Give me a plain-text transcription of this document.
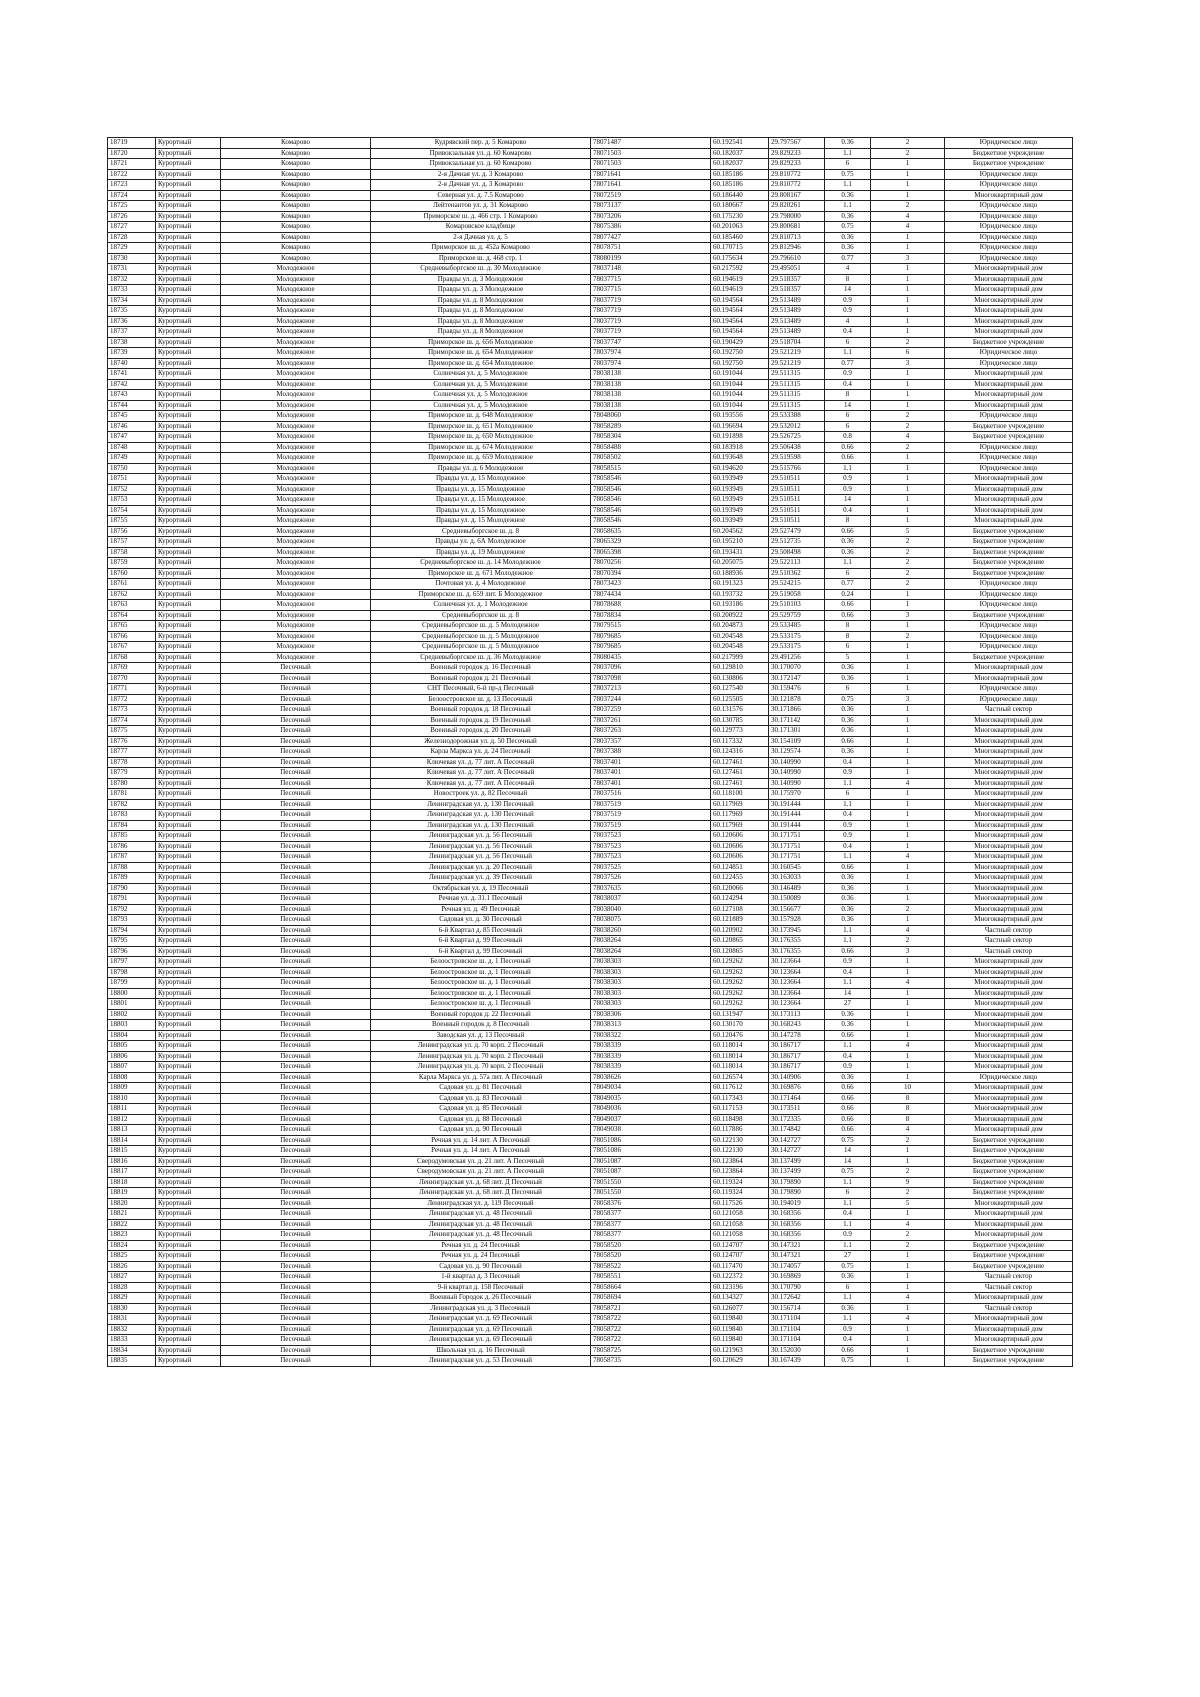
18719	Курортный	Комарово	Кудрявский пер. д. 5 Комарово	78071487	60.192541	29.797567	0.36	2	Юридическое лицо
18720	Курортный	Комарово	Привокзальная ул. д. 60 Комарово	78071503	60.182037	29.829233	1.1	2	Бюджетное учреждение
18721	Курортный	Комарово	Привокзальная ул. д. 60 Комарово	78071503	60.182037	29.829233	6	1	Бюджетное учреждение
18722	Курортный	Комарово	2-я Дачная ул. д. 3 Комарово	78071641	60.185186	29.810772	0.75	1	Юридическое лицо
18723	Курортный	Комарово	2-я Дачная ул. д. 3 Комарово	78071641	60.185186	29.810772	1.1	1	Юридическое лицо
18724	Курортный	Комарово	Северная ул. д. 7.5 Комарово	78072519	60.186440	29.808167	0.36	1	Многоквартирный дом
18725	Курортный	Комарово	Лейтенантов ул. д. 31 Комарово	78073137	60.180667	29.820261	1.1	2	Юридическое лицо
18726	Курортный	Комарово	Приморское ш. д. 466 стр. 1 Комарово	78073206	60.175230	29.798000	0.36	4	Юридическое лицо
18727	Курортный	Комарово	Комаровское кладбище	78075386	60.201063	29.800681	0.75	4	Юридическое лицо
18728	Курортный	Комарово	2-я Дачная ул. д. 5	78077427	60.185460	29.810713	0.36	1	Юридическое лицо
18729	Курортный	Комарово	Приморское ш. д. 452а Комарово	78078751	60.170715	29.812946	0.36	1	Юридическое лицо
18730	Курортный	Комарово	Приморское ш. д. 468 стр. 1	78080199	60.175634	29.796610	0.77	3	Юридическое лицо
18731	Курортный	Молодежное	Средневыборгское ш. д. 30 Молодежное	78037148	60.217592	29.495051	4	1	Многоквартирный дом
18732	Курортный	Молодежное	Правды ул. д. 3 Молодежное	78037715	60.194619	29.518357	8	1	Многоквартирный дом
18733	Курортный	Молодежное	Правды ул. д. 3 Молодежное	78037715	60.194619	29.518357	14	1	Многоквартирный дом
18734	Курортный	Молодежное	Правды ул. д. 8 Молодежное	78037719	60.194564	29.513489	0.9	1	Многоквартирный дом
18735	Курортный	Молодежное	Правды ул. д. 8 Молодежное	78037719	60.194564	29.513489	0.9	1	Многоквартирный дом
18736	Курортный	Молодежное	Правды ул. д. 8 Молодежное	78037719	60.194564	29.513489	4	1	Многоквартирный дом
18737	Курортный	Молодежное	Правды ул. д. 8 Молодежное	78037719	60.194564	29.513489	0.4	1	Многоквартирный дом
18738	Курортный	Молодежное	Приморское ш. д. 656 Молодежное	78037747	60.190429	29.518704	6	2	Бюджетное учреждение
18739	Курортный	Молодежное	Приморское ш. д. 654 Молодежное	78037974	60.192750	29.521219	1.1	6	Юридическое лицо
18740	Курортный	Молодежное	Приморское ш. д. 654 Молодежное	78037974	60.192750	29.521219	0.77	3	Юридическое лицо
18741	Курортный	Молодежное	Солнечная ул. д. 5 Молодежное	78038138	60.191044	29.511315	0.9	1	Многоквартирный дом
18742	Курортный	Молодежное	Солнечная ул. д. 5 Молодежное	78038138	60.191044	29.511315	0.4	1	Многоквартирный дом
18743	Курортный	Молодежное	Солнечная ул. д. 5 Молодежное	78038138	60.191044	29.511315	8	1	Многоквартирный дом
18744	Курортный	Молодежное	Солнечная ул. д. 5 Молодежное	78038138	60.191044	29.511315	14	1	Многоквартирный дом
18745	Курортный	Молодежное	Приморское ш. д. 648 Молодежное	78048060	60.193556	29.533388	6	2	Юридическое лицо
18746	Курортный	Молодежное	Приморское ш. д. 651 Молодежное	78058289	60.196694	29.532012	6	2	Бюджетное учреждение
18747	Курортный	Молодежное	Приморское ш. д. 650 Молодежное	78058304	60.191898	29.526725	0.8	4	Бюджетное учреждение
18748	Курортный	Молодежное	Приморское ш. д. 674 Молодежное	78058488	60.183918	29.506438	0.66	2	Юридическое лицо
18749	Курортный	Молодежное	Приморское ш. д. 659 Молодежное	78058502	60.193648	29.519598	0.66	1	Юридическое лицо
18750	Курортный	Молодежное	Правды ул. д. 6 Молодежное	78058515	60.194620	29.515766	1.1	1	Юридическое лицо
18751	Курортный	Молодежное	Правды ул. д. 15 Молодежное	78058546	60.193949	29.510511	0.9	1	Многоквартирный дом
18752	Курортный	Молодежное	Правды ул. д. 15 Молодежное	78058546	60.193949	29.510511	0.9	1	Многоквартирный дом
18753	Курортный	Молодежное	Правды ул. д. 15 Молодежное	78058546	60.193949	29.510511	14	1	Многоквартирный дом
18754	Курортный	Молодежное	Правды ул. д. 15 Молодежное	78058546	60.193949	29.510511	0.4	1	Многоквартирный дом
18755	Курортный	Молодежное	Правды ул. д. 15 Молодежное	78058546	60.193949	29.510511	8	1	Многоквартирный дом
18756	Курортный	Молодежное	Средневыборгское ш. д. 8	78058635	60.204562	29.527479	0.66	5	Бюджетное учреждение
18757	Курортный	Молодежное	Правды ул. д. 6А Молодежное	78065329	60.195210	29.512735	0.36	2	Бюджетное учреждение
18758	Курортный	Молодежное	Правды ул. д. 19 Молодежное	78065398	60.193431	29.508498	0.36	2	Бюджетное учреждение
18759	Курортный	Молодежное	Средневыборгское ш. д. 14 Молодежное	78070256	60.205075	29.522113	1.1	2	Бюджетное учреждение
18760	Курортный	Молодежное	Приморское ш. д. 671 Молодежное	78070394	60.188936	29.510362	6	2	Бюджетное учреждение
18761	Курортный	Молодежное	Почтовая ул. д. 4 Молодежное	78073423	60.191323	29.524215	0.77	2	Юридическое лицо
18762	Курортный	Молодежное	Приморское ш. д. 659 лит. Б Молодежное	78074434	60.193732	29.519058	0.24	1	Юридическое лицо
18763	Курортный	Молодежное	Солнечная ул. д. 1 Молодежное	78078688	60.193186	29.510103	0.66	1	Юридическое лицо
18764	Курортный	Молодежное	Средневыборгское ш. д. 8	78078834	60.200922	29.529759	0.66	3	Бюджетное учреждение
18765	Курортный	Молодежное	Средневыборгское ш. д. 5 Молодежное	78079515	60.204873	29.533485	8	1	Юридическое лицо
18766	Курортный	Молодежное	Средневыборгское ш. д. 5 Молодежное	78079685	60.204548	29.533175	8	2	Юридическое лицо
18767	Курортный	Молодежное	Средневыборгское ш. д. 5 Молодежное	78079685	60.204548	29.533175	6	1	Юридическое лицо
18768	Курортный	Молодежное	Средневыборгское ш. д. 36 Молодежное	78080435	60.217999	29.491256	5	1	Бюджетное учреждение
18769	Курортный	Песочный	Военный городок д. 16 Песочный	78037096	60.129810	30.170070	0.36	1	Многоквартирный дом
18770	Курортный	Песочный	Военный городок д. 21 Песочный	78037098	60.130806	30.172147	0.36	1	Многоквартирный дом
18771	Курортный	Песочный	СНТ Песочный, 6-й пр-д Песочный	78037213	60.127540	30.159476	6	1	Юридическое лицо
18772	Курортный	Песочный	Белоостровское ш. д. 13 Песочный	78037244	60.125505	30.121878	0.75	3	Юридическое лицо
18773	Курортный	Песочный	Военный городок д. 18 Песочный	78037259	60.131576	30.171866	0.36	1	Частный сектор
18774	Курортный	Песочный	Военный городок д. 19 Песочный	78037261	60.130785	30.171142	0.36	1	Многоквартирный дом
18775	Курортный	Песочный	Военный городок д. 20 Песочный	78037263	60.129773	30.171301	0.36	1	Многоквартирный дом
18776	Курортный	Песочный	Железнодорожная ул. д. 50 Песочный	78037357	60.117332	30.154109	0.66	1	Многоквартирный дом
18777	Курортный	Песочный	Карла Маркса ул. д. 24 Песочный	78037388	60.124316	30.129574	0.36	1	Многоквартирный дом
18778	Курортный	Песочный	Ключевая ул. д. 77 лит. А Песочный	78037401	60.127461	30.140990	0.4	1	Многоквартирный дом
18779	Курортный	Песочный	Ключевая ул. д. 77 лит. А Песочный	78037401	60.127461	30.140990	0.9	1	Многоквартирный дом
18780	Курортный	Песочный	Ключевая ул. д. 77 лит. А Песочный	78037401	60.127461	30.140990	1.1	4	Многоквартирный дом
18781	Курортный	Песочный	Новостроек ул. д. 82 Песочный	78037516	60.118100	30.175970	6	1	Многоквартирный дом
18782	Курортный	Песочный	Ленинградская ул. д. 130 Песочный	78037519	60.117969	30.191444	1.1	1	Многоквартирный дом
18783	Курортный	Песочный	Ленинградская ул. д. 130 Песочный	78037519	60.117969	30.191444	0.4	1	Многоквартирный дом
18784	Курортный	Песочный	Ленинградская ул. д. 130 Песочный	78037519	60.117969	30.191444	0.9	1	Многоквартирный дом
18785	Курортный	Песочный	Ленинградская ул. д. 56 Песочный	78037523	60.120606	30.171751	0.9	1	Многоквартирный дом
18786	Курортный	Песочный	Ленинградская ул. д. 56 Песочный	78037523	60.120606	30.171751	0.4	1	Многоквартирный дом
18787	Курортный	Песочный	Ленинградская ул. д. 56 Песочный	78037523	60.120606	30.171751	1.1	4	Многоквартирный дом
18788	Курортный	Песочный	Ленинградская ул. д. 20 Песочный	78037525	60.124851	30.160545	0.66	1	Многоквартирный дом
18789	Курортный	Песочный	Ленинградская ул. д. 39 Песочный	78037526	60.122455	30.163033	0.36	1	Многоквартирный дом
18790	Курортный	Песочный	Октябрьская ул. д. 19 Песочный	78037635	60.120066	30.146489	0.36	1	Многоквартирный дом
18791	Курортный	Песочный	Речная ул. д. 31.1 Песочный	78038037	60.124294	30.150089	0.36	1	Многоквартирный дом
18792	Курортный	Песочный	Речная ул. д. 49 Песочный	78038040	60.127108	30.156677	0.36	2	Многоквартирный дом
18793	Курортный	Песочный	Садовая ул. д. 30 Песочный	78038075	60.121889	30.157928	0.36	1	Многоквартирный дом
18794	Курортный	Песочный	6-й Квартал д. 85 Песочный	78038260	60.120902	30.173945	1.1	4	Частный сектор
18795	Курортный	Песочный	6-й Квартал д. 99 Песочный	78038264	60.120865	30.176355	1.1	2	Частный сектор
18796	Курортный	Песочный	6-й Квартал д. 99 Песочный	78038264	60.120865	30.176355	0.66	3	Частный сектор
18797	Курортный	Песочный	Белоостровское ш. д. 1 Песочный	78038303	60.129262	30.123664	0.9	1	Многоквартирный дом
18798	Курортный	Песочный	Белоостровское ш. д. 1 Песочный	78038303	60.129262	30.123664	0.4	1	Многоквартирный дом
18799	Курортный	Песочный	Белоостровское ш. д. 1 Песочный	78038303	60.129262	30.123664	1.1	4	Многоквартирный дом
18800	Курортный	Песочный	Белоостровское ш. д. 1 Песочный	78038303	60.129262	30.123664	14	1	Многоквартирный дом
18801	Курортный	Песочный	Белоостровское ш. д. 1 Песочный	78038303	60.129262	30.123664	27	1	Многоквартирный дом
18802	Курортный	Песочный	Военный городок д. 22 Песочный	78038306	60.131947	30.173113	0.36	1	Многоквартирный дом
18803	Курортный	Песочный	Военный городок д. 8 Песочный	78038313	60.130170	30.168243	0.36	1	Многоквартирный дом
18804	Курортный	Песочный	Заводская ул. д. 13 Песочный	78038322	60.120476	30.147278	0.66	1	Многоквартирный дом
18805	Курортный	Песочный	Ленинградская ул. д. 70 корп. 2 Песочный	78038339	60.118014	30.186717	1.1	4	Многоквартирный дом
18806	Курортный	Песочный	Ленинградская ул. д. 70 корп. 2 Песочный	78038339	60.118014	30.186717	0.4	1	Многоквартирный дом
18807	Курортный	Песочный	Ленинградская ул. д. 70 корп. 2 Песочный	78038339	60.118014	30.186717	0.9	1	Многоквартирный дом
18808	Курортный	Песочный	Карла Маркса ул. д. 57а лит. А Песочный	78038626	60.126574	30.140906	0.36	1	Юридическое лицо
18809	Курортный	Песочный	Садовая ул. д. 81 Песочный	78049034	60.117612	30.169876	0.66	10	Многоквартирный дом
18810	Курортный	Песочный	Садовая ул. д. 83 Песочный	78049035	60.117343	30.171464	0.66	8	Многоквартирный дом
18811	Курортный	Песочный	Садовая ул. д. 85 Песочный	78049036	60.117153	30.173511	0.66	8	Многоквартирный дом
18812	Курортный	Песочный	Садовая ул. д. 88 Песочный	78049037	60.118498	30.172335	0.66	8	Многоквартирный дом
18813	Курортный	Песочный	Садовая ул. д. 90 Песочный	78049038	60.117886	30.174842	0.66	4	Многоквартирный дом
18814	Курортный	Песочный	Речная ул. д. 14 лит. А Песочный	78051086	60.122130	30.142727	0.75	2	Бюджетное учреждение
18815	Курортный	Песочный	Речная ул. д. 14 лит. А Песочный	78051086	60.122130	30.142727	14	1	Бюджетное учреждение
18816	Курортный	Песочный	Сверодумовская ул. д. 21 лит. А Песочный	78051087	60.123864	30.137499	14	1	Бюджетное учреждение
18817	Курортный	Песочный	Сверодумовская ул. д. 21 лит. А Песочный	78051087	60.123864	30.137499	0.75	2	Бюджетное учреждение
18818	Курортный	Песочный	Ленинградская ул. д. 68 лит. Д Песочный	78051550	60.119324	30.179890	1.1	9	Бюджетное учреждение
18819	Курортный	Песочный	Ленинградская ул. д. 68 лит. Д Песочный	78051550	60.119324	30.179890	6	2	Бюджетное учреждение
18820	Курортный	Песочный	Ленинградская ул. д. 119 Песочный	78058376	60.117526	30.194019	1.1	5	Многоквартирный дом
18821	Курортный	Песочный	Ленинградская ул. д. 48 Песочный	78058377	60.121058	30.168356	0.4	1	Многоквартирный дом
18822	Курортный	Песочный	Ленинградская ул. д. 48 Песочный	78058377	60.121058	30.168356	1.1	4	Многоквартирный дом
18823	Курортный	Песочный	Ленинградская ул. д. 48 Песочный	78058377	60.121058	30.168356	0.9	2	Многоквартирный дом
18824	Курортный	Песочный	Речная ул. д. 24 Песочный	78058520	60.124707	30.147321	1.1	2	Бюджетное учреждение
18825	Курортный	Песочный	Речная ул. д. 24 Песочный	78058520	60.124707	30.147321	27	1	Бюджетное учреждение
18826	Курортный	Песочный	Садовая ул. д. 90 Песочный	78058522	60.117470	30.174057	0.75	1	Бюджетное учреждение
18827	Курортный	Песочный	1-й квартал д. 3 Песочный	78058551	60.122372	30.169869	0.36	1	Частный сектор
18828	Курортный	Песочный	9-й квартал д. 158 Песочный	78058664	60.123196	30.170790	6	1	Частный сектор
18829	Курортный	Песочный	Военный Городок д. 26 Песочный	78058694	60.134327	30.172642	1.1	4	Многоквартирный дом
18830	Курортный	Песочный	Ленинградская ул. д. 3 Песочный	78058721	60.126077	30.156714	0.36	1	Частный сектор
18831	Курортный	Песочный	Ленинградская ул. д. 69 Песочный	78058722	60.119840	30.171104	1.1	4	Многоквартирный дом
18832	Курортный	Песочный	Ленинградская ул. д. 69 Песочный	78058722	60.119840	30.171104	0.9	1	Многоквартирный дом
18833	Курортный	Песочный	Ленинградская ул. д. 69 Песочный	78058722	60.119840	30.171104	0.4	1	Многоквартирный дом
18834	Курортный	Песочный	Школьная ул. д. 16 Песочный	78058725	60.121963	30.152030	0.66	1	Бюджетное учреждение
18835	Курортный	Песочный	Ленинградская ул. д. 53 Песочный	78058735	60.120629	30.167439	0.75	1	Бюджетное учреждение
